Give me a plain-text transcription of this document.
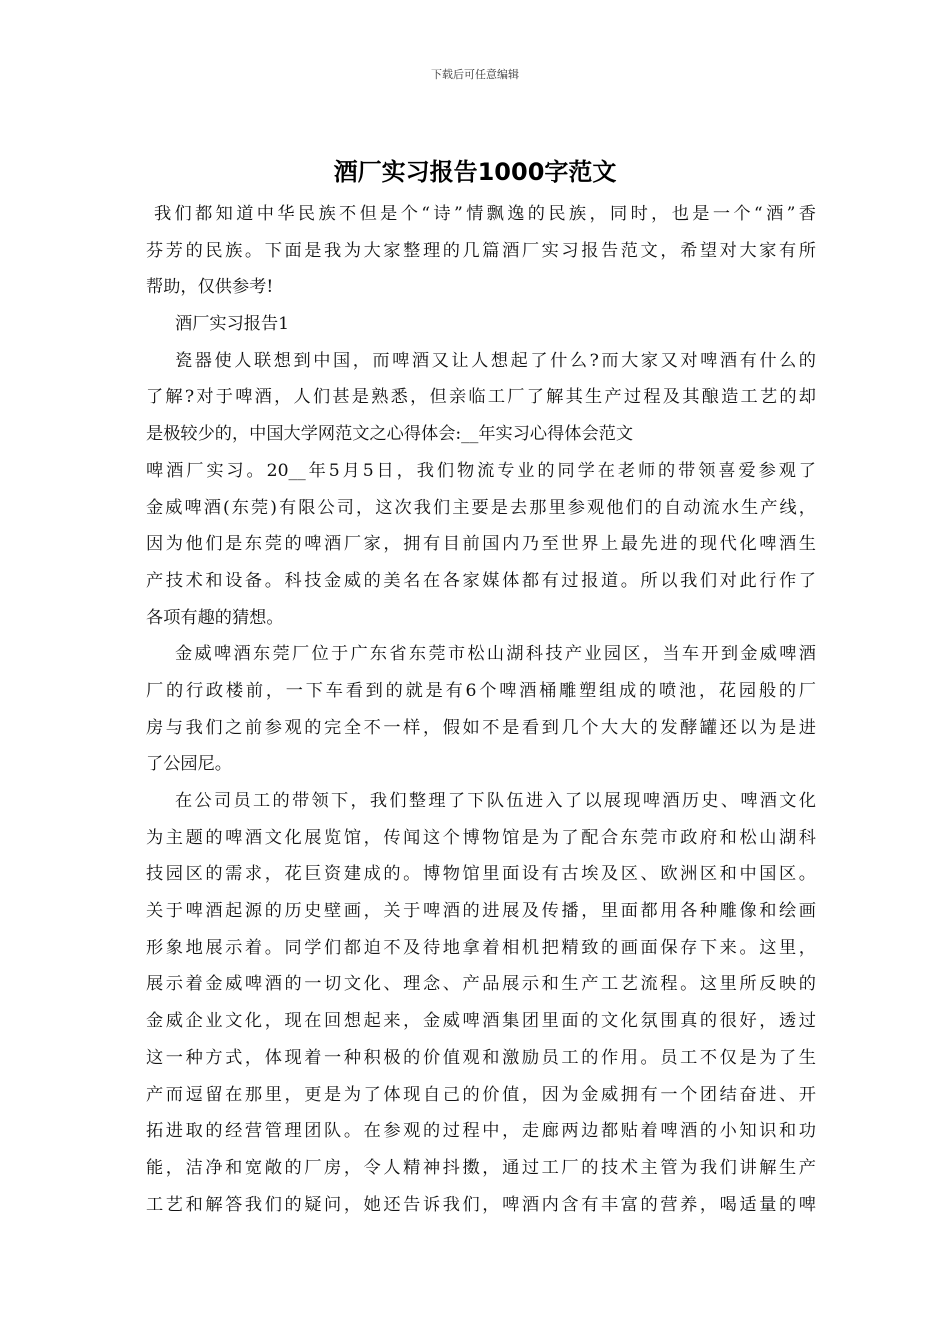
下载后可任意编辑
酒厂实习报告1000字范文
我们都知道中华民族不但是个“诗”情飘逸的民族，同时，也是一个“酒”香
芬芳的民族。下面是我为大家整理的几篇酒厂实习报告范文，希望对大家有所
帮助，仅供参考!
酒厂实习报告1
瓷器使人联想到中国，而啤酒又让人想起了什么?而大家又对啤酒有什么的
了解?对于啤酒，人们甚是熟悉，但亲临工厂了解其生产过程及其酿造工艺的却
是极较少的，中国大学网范文之心得体会:__年实习心得体会范文
啤酒厂实习。20__年5月5日，我们物流专业的同学在老师的带领喜爱参观了
金威啤酒(东莞)有限公司，这次我们主要是去那里参观他们的自动流水生产线，
因为他们是东莞的啤酒厂家，拥有目前国内乃至世界上最先进的现代化啤酒生
产技术和设备。科技金威的美名在各家媒体都有过报道。所以我们对此行作了
各项有趣的猜想。
金威啤酒东莞厂位于广东省东莞市松山湖科技产业园区，当车开到金威啤酒
厂的行政楼前，一下车看到的就是有6个啤酒桶雕塑组成的喷池，花园般的厂
房与我们之前参观的完全不一样，假如不是看到几个大大的发酵罐还以为是进
了公园尼。
在公司员工的带领下，我们整理了下队伍进入了以展现啤酒历史、啤酒文化
为主题的啤酒文化展览馆，传闻这个博物馆是为了配合东莞市政府和松山湖科
技园区的需求，花巨资建成的。博物馆里面设有古埃及区、欧洲区和中国区。
关于啤酒起源的历史壁画，关于啤酒的进展及传播，里面都用各种雕像和绘画
形象地展示着。同学们都迫不及待地拿着相机把精致的画面保存下来。这里，
展示着金威啤酒的一切文化、理念、产品展示和生产工艺流程。这里所反映的
金威企业文化，现在回想起来，金威啤酒集团里面的文化氛围真的很好，透过
这一种方式，体现着一种积极的价值观和激励员工的作用。员工不仅是为了生
产而逗留在那里，更是为了体现自己的价值，因为金威拥有一个团结奋进、开
拓进取的经营管理团队。在参观的过程中，走廊两边都贴着啤酒的小知识和功
能，洁净和宽敞的厂房，令人精神抖擞，通过工厂的技术主管为我们讲解生产
工艺和解答我们的疑问，她还告诉我们，啤酒内含有丰富的营养，喝适量的啤
